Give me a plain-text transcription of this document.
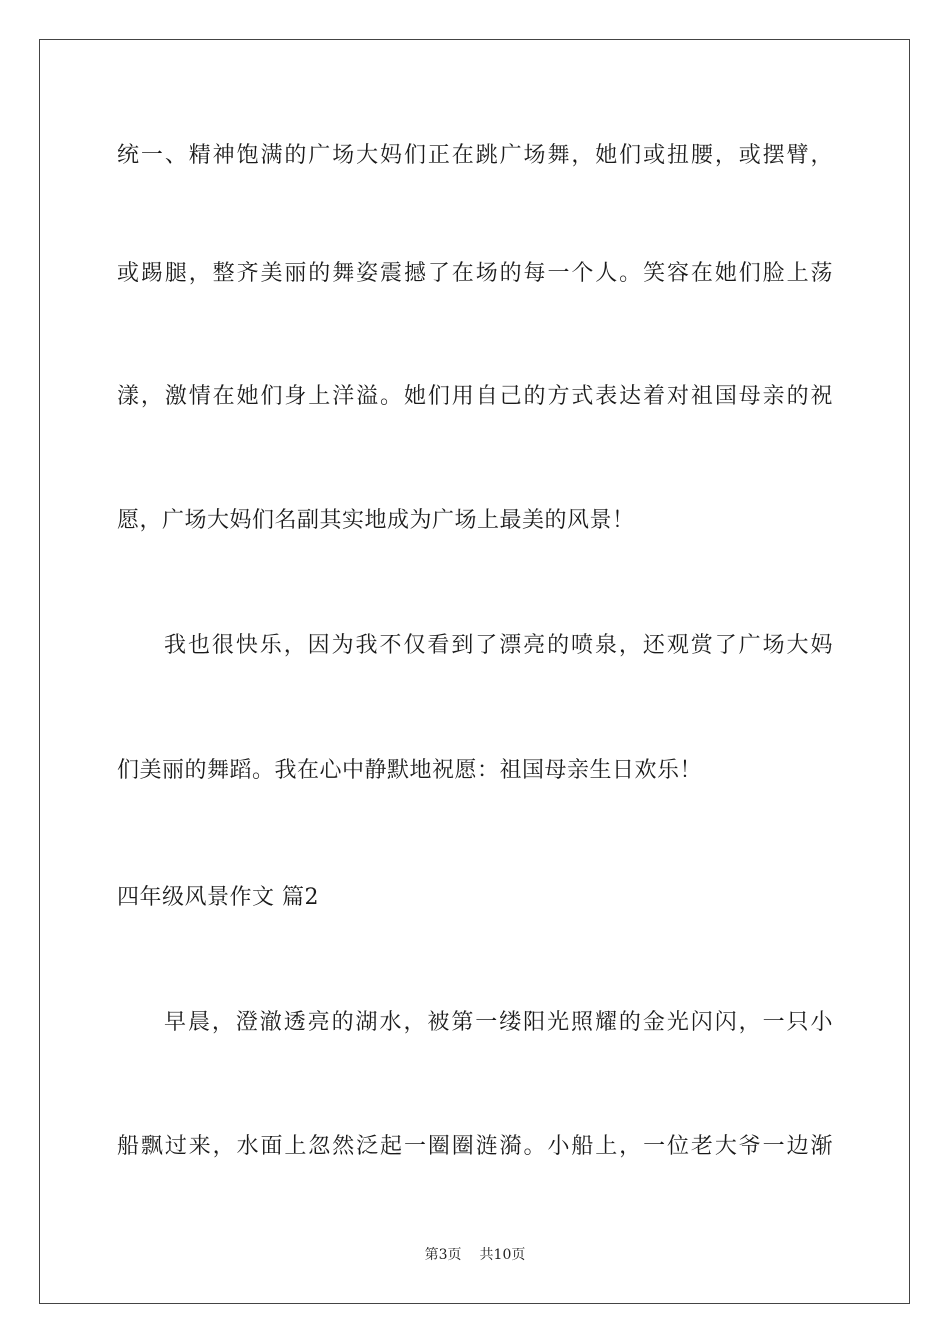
统一、精神饱满的广场大妈们正在跳广场舞，她们或扭腰，或摆臂，
或踢腿，整齐美丽的舞姿震撼了在场的每一个人。笑容在她们脸上荡
漾，激情在她们身上洋溢。她们用自己的方式表达着对祖国母亲的祝
愿，广场大妈们名副其实地成为广场上最美的风景！
我也很快乐，因为我不仅看到了漂亮的喷泉，还观赏了广场大妈
们美丽的舞蹈。我在心中静默地祝愿：祖国母亲生日欢乐！
四年级风景作文 篇2
早晨，澄澈透亮的湖水，被第一缕阳光照耀的金光闪闪，一只小
船飘过来，水面上忽然泛起一圈圈涟漪。小船上，一位老大爷一边渐
第3页 共10页
